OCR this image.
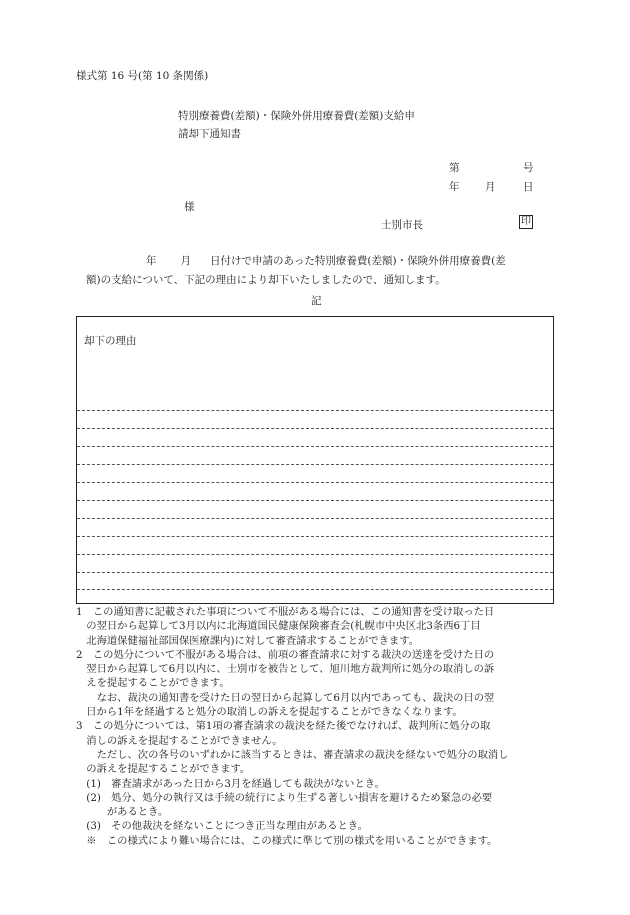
様式第 16 号(第 10 条関係)
特別療養費(差額)・保険外併用療養費(差額)支給申
請却下通知書
第	号
年 月	日
様
士別市長	印
年 月 日付けで申請のあった特別療養費(差額)・保険外併用療養費(差
額)の支給について、下記の理由により却下いたしましたので、通知します。
記
却下の理由
1　この通知書に記載された事項について不服がある場合には、この通知書を受け取った日
　の翌日から起算して3月以内に北海道国民健康保険審査会(札幌市中央区北3条西6丁目
　北海道保健福祉部国保医療課内)に対して審査請求することができます。
2　この処分について不服がある場合は、前項の審査請求に対する裁決の送達を受けた日の
　翌日から起算して6月以内に、士別市を被告として、旭川地方裁判所に処分の取消しの訴
　えを提起することができます。
　　なお、裁決の通知書を受けた日の翌日から起算して6月以内であっても、裁決の日の翌
　日から1年を経過すると処分の取消しの訴えを提起することができなくなります。
3　この処分については、第1項の審査請求の裁決を経た後でなければ、裁判所に処分の取
　消しの訴えを提起することができません。
　　ただし、次の各号のいずれかに該当するときは、審査請求の裁決を経ないで処分の取消し
　の訴えを提起することができます。
　(1)　審査請求があった日から3月を経過しても裁決がないとき。
　(2)　処分、処分の執行又は手続の続行により生ずる著しい損害を避けるため緊急の必要
　　　があるとき。
　(3)　その他裁決を経ないことにつき正当な理由があるとき。
　※　この様式により難い場合には、この様式に準じて別の様式を用いることができます。
